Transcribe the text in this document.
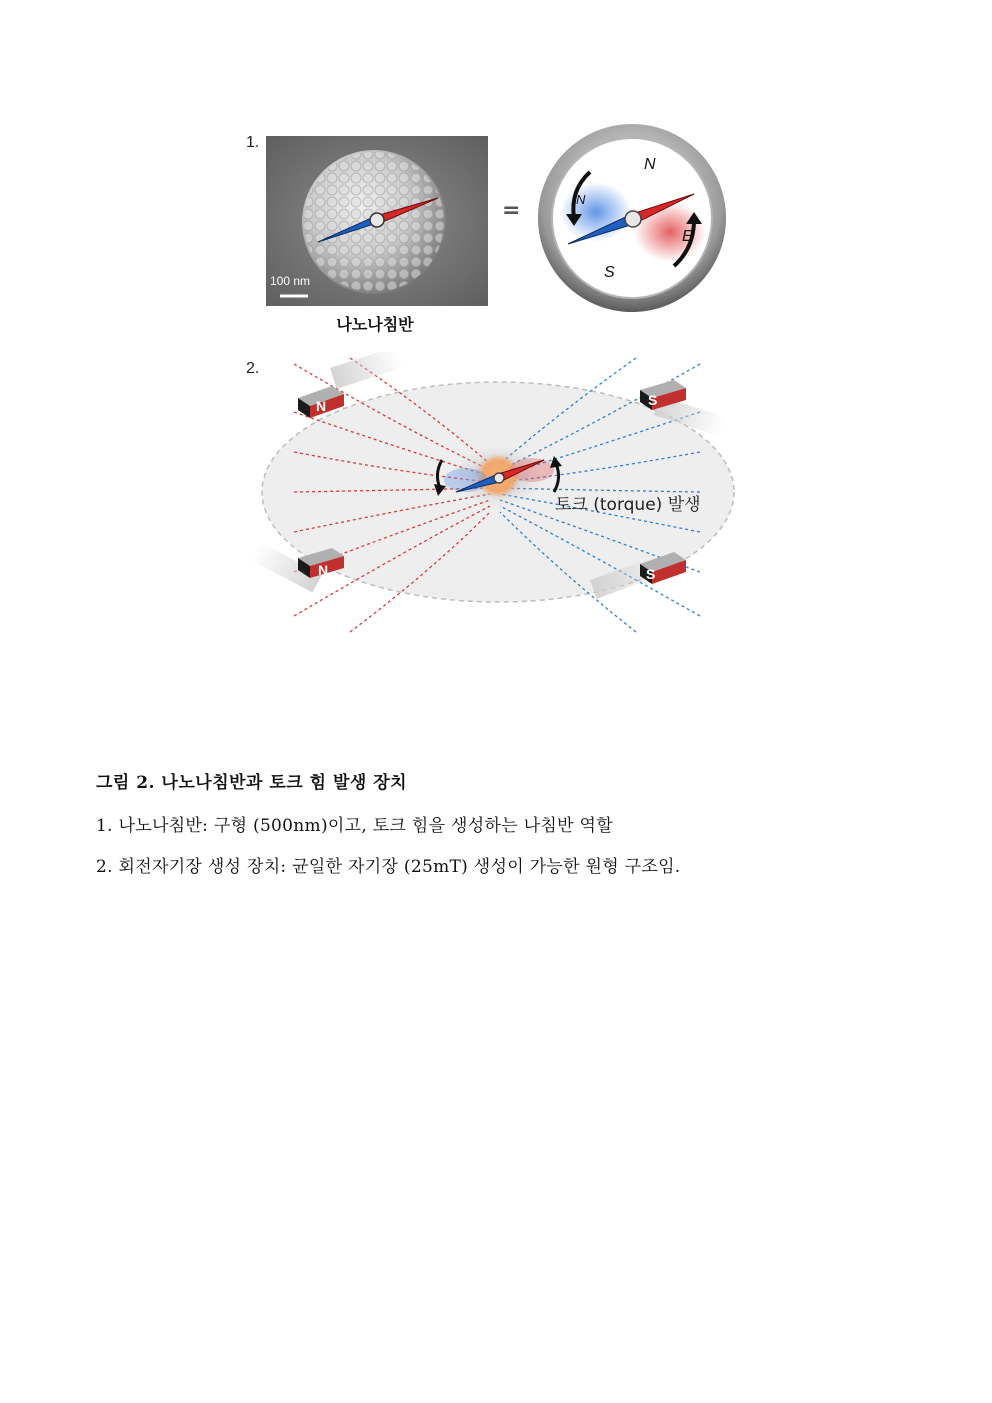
1.
100 nm
나노나침반
=
N
S
E
N
2.
N	S
N	S
토크 (torque) 발생
그림 2. 나노나침반과 토크 힘 발생 장치
1. 나노나침반: 구형 (500nm)이고, 토크 힘을 생성하는 나침반 역할
2. 회전자기장 생성 장치: 균일한 자기장 (25mT) 생성이 가능한 원형 구조임.
